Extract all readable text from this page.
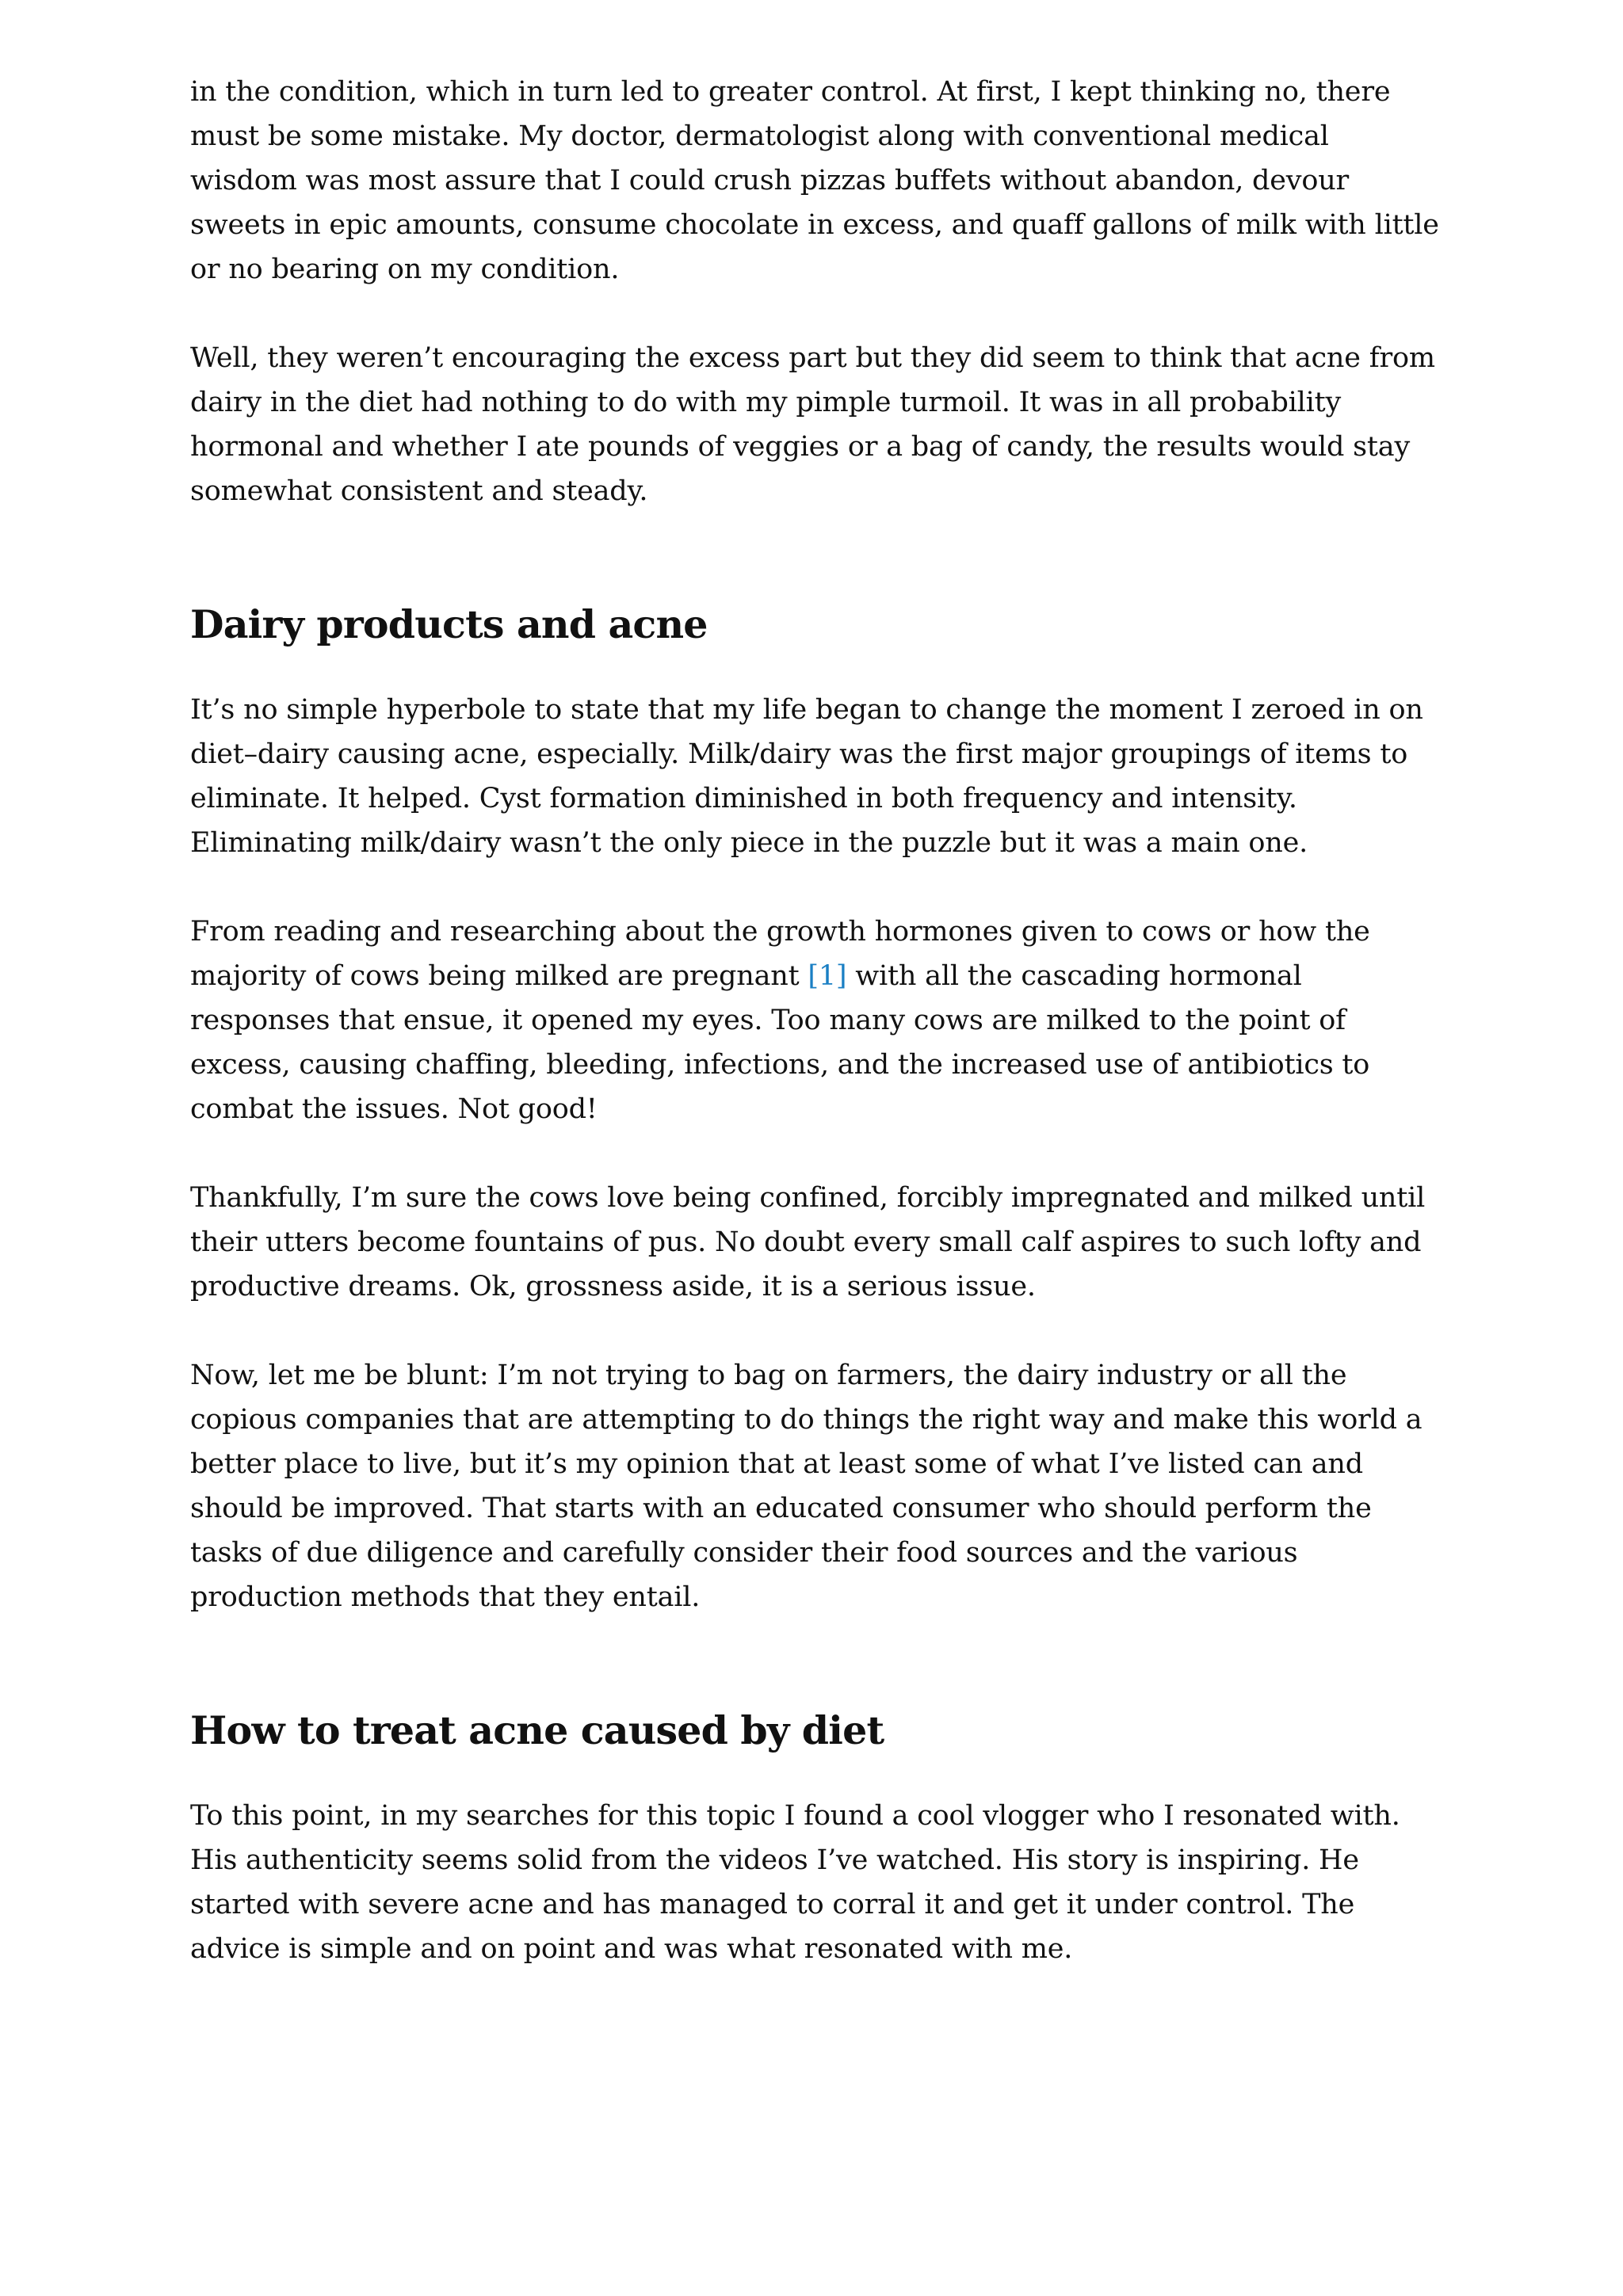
in the condition, which in turn led to greater control. At first, I kept thinking no, there must be some mistake. My doctor, dermatologist along with conventional medical wisdom was most assure that I could crush pizzas buffets without abandon, devour sweets in epic amounts, consume chocolate in excess, and quaff gallons of milk with little or no bearing on my condition.

Well, they weren’t encouraging the excess part but they did seem to think that acne from dairy in the diet had nothing to do with my pimple turmoil. It was in all probability hormonal and whether I ate pounds of veggies or a bag of candy, the results would stay somewhat consistent and steady.

Dairy products and acne

It’s no simple hyperbole to state that my life began to change the moment I zeroed in on diet–dairy causing acne, especially. Milk/dairy was the first major groupings of items to eliminate. It helped. Cyst formation diminished in both frequency and intensity. Eliminating milk/dairy wasn’t the only piece in the puzzle but it was a main one.

From reading and researching about the growth hormones given to cows or how the majority of cows being milked are pregnant [1] with all the cascading hormonal responses that ensue, it opened my eyes. Too many cows are milked to the point of excess, causing chaffing, bleeding, infections, and the increased use of antibiotics to combat the issues. Not good!

Thankfully, I’m sure the cows love being confined, forcibly impregnated and milked until their utters become fountains of pus. No doubt every small calf aspires to such lofty and productive dreams. Ok, grossness aside, it is a serious issue.

Now, let me be blunt: I’m not trying to bag on farmers, the dairy industry or all the copious companies that are attempting to do things the right way and make this world a better place to live, but it’s my opinion that at least some of what I’ve listed can and should be improved. That starts with an educated consumer who should perform the tasks of due diligence and carefully consider their food sources and the various production methods that they entail.

How to treat acne caused by diet

To this point, in my searches for this topic I found a cool vlogger who I resonated with. His authenticity seems solid from the videos I’ve watched. His story is inspiring. He started with severe acne and has managed to corral it and get it under control. The advice is simple and on point and was what resonated with me.
